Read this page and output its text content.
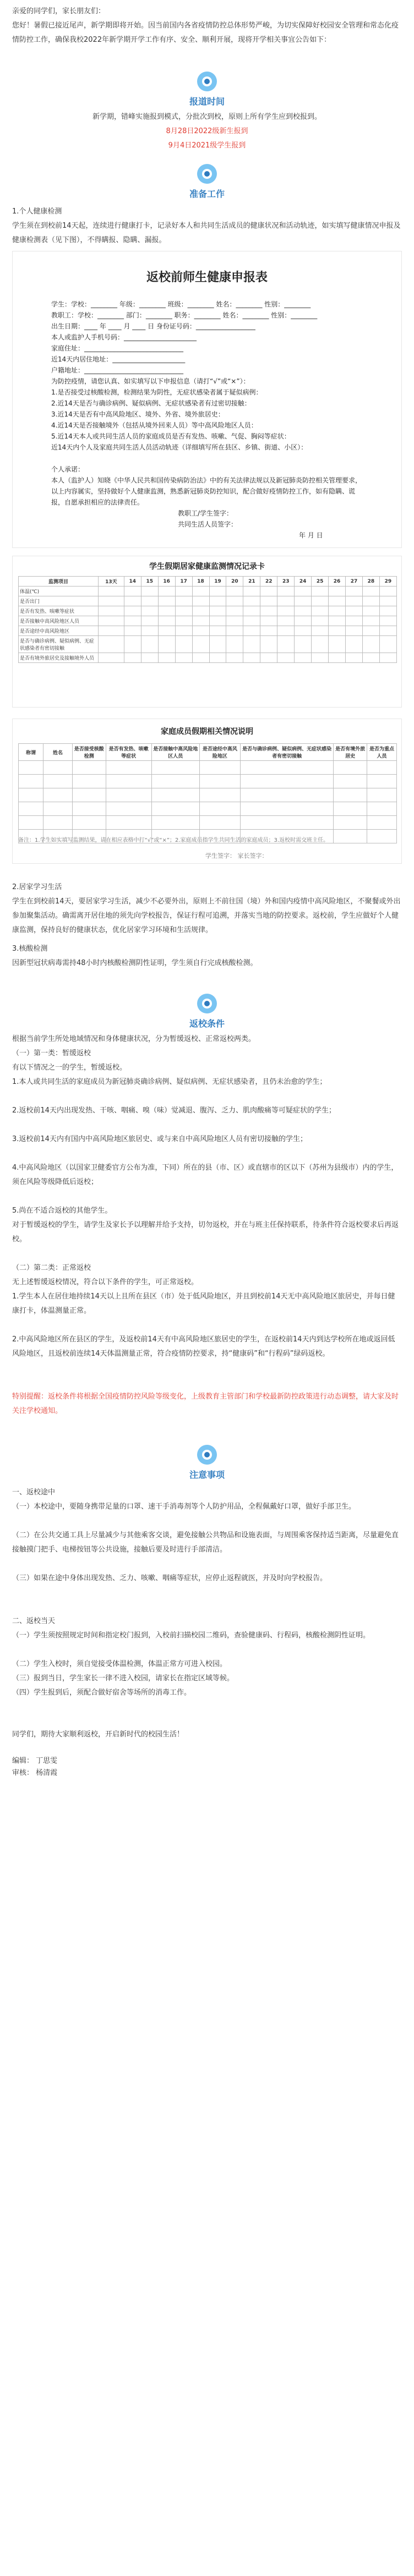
亲爱的同学们，家长朋友们：
您好！暑假已接近尾声，新学期即将开始。因当前国内各省疫情防控总体形势严峻，为切实保障好校园安全管理和常态化疫情防控工作，确保我校2022年新学期开学工作有序、安全、顺利开展，现将开学相关事宜公告如下：
报道时间
新学期，错峰实施报到模式，分批次到校，原则上所有学生应到校报到。
8月28日2022级新生报到
9月4日2021级学生报到
准备工作
1.个人健康检测
学生须在到校前14天起，连续进行健康打卡，记录好本人和共同生活成员的健康状况和活动轨迹，如实填写健康情况申报及健康检测表（见下图），不得瞒报、隐瞒、漏报。
返校前师生健康申报表
学生：学校：________ 年级：________ 班级：________ 姓名：________ 性别：________
教职工：学校：________ 部门：________ 职务：________ 姓名：________ 性别：________
出生日期：____ 年 ____ 月 ____ 日 身份证号码：__________________
本人或监护人手机号码：______________________
家庭住址：______________________________
近14天内居住地址：______________________
户籍地址：______________________________
为防控疫情，请您认真、如实填写以下申报信息（请打“√”或“×”）：
1.是否接受过核酸检测，检测结果为阴性，无症状感染者属于疑似病例：
2.近14天是否与确诊病例、疑似病例、无症状感染者有过密切接触：
3.近14天是否有中高风险地区、境外、外省、境外旅居史：
4.近14天是否接触境外（包括从境外回来人员）等中高风险地区人员：
5.近14天本人或共同生活人员的家庭成员是否有发热、咳嗽、气促、胸闷等症状：
近14天内个人及家庭共同生活人员活动轨迹（详细填写所在县区、乡镇、街道、小区）：
个人承诺：
本人（监护人）知晓《中华人民共和国传染病防治法》中的有关法律法规以及新冠肺炎防控相关管理要求，以上内容属实，坚持做好个人健康监测，熟悉新冠肺炎防控知识，配合做好疫情防控工作，如有隐瞒、谎报，自愿承担相应的法律责任。
教职工/学生签字：
共同生活人员签字：
年 月 日
学生假期居家健康监测情况记录卡
监测项目	13天	14	15	16	17	18	19	20	21	22	23	24	25	26	27	28	29
体温(℃)																	
是否出门																	
是否有发热、咳嗽等症状																	
是否接触中高风险地区人员																	
是否途经中高风险地区																	
是否与确诊病例、疑似病例、无症状感染者有密切接触																	
是否有境外旅居史及接触境外人员																	
家庭成员假期相关情况说明
称谓	姓名	是否接受核酸检测	是否有发热、咳嗽等症状	是否接触中高风险地区人员	是否途经中高风险地区	是否与确诊病例、疑似病例、无症状感染者有密切接触	是否有境外旅居史	是否为重点人员

备注：1.学生如实填写监测结果，请在相应表格中打“√”或“×”；2.家庭成员指学生共同生活的家庭成员；3.返校时需交班主任。
学生签字： 家长签字：
2.居家学习生活
学生在到校前14天，要居家学习生活，减少不必要外出，原则上不前往国（境）外和国内疫情中高风险地区，不聚餐或外出参加聚集活动。确需离开居住地的须先向学校报告，保证行程可追溯，并落实当地的防控要求。返校前，学生应做好个人健康监测，保持良好的健康状态，优化居家学习环境和生活规律。
3.核酸检测
因新型冠状病毒需持48小时内核酸检测阴性证明，学生须自行完成核酸检测。
返校条件
根据当前学生所处地域情况和身体健康状况，分为暂缓返校、正常返校两类。
（一）第一类：暂缓返校
有以下情况之一的学生，暂缓返校。
1.本人或共同生活的家庭成员为新冠肺炎确诊病例、疑似病例、无症状感染者，且仍未治愈的学生；
2.返校前14天内出现发热、干咳、咽痛、嗅（味）觉减退、腹泻、乏力、肌肉酸痛等可疑症状的学生；
3.返校前14天内有国内中高风险地区旅居史、或与来自中高风险地区人员有密切接触的学生；
4.中高风险地区（以国家卫健委官方公布为准，下同）所在的县（市、区）或直辖市的区以下（苏州为县级市）内的学生，须在风险等级降低后返校；
5.尚在不适合返校的其他学生。
对于暂缓返校的学生，请学生及家长予以理解并给予支持，切勿返校，并在与班主任保持联系，待条件符合返校要求后再返校。
（二）第二类：正常返校
无上述暂缓返校情况，符合以下条件的学生，可正常返校。
1.学生本人在居住地持续14天以上且所在县区（市）处于低风险地区，并且到校前14天无中高风险地区旅居史，并每日健康打卡，体温测量正常。
2.中高风险地区所在县区的学生，及返校前14天有中高风险地区旅居史的学生，在返校前14天内到达学校所在地或返回低风险地区，且返校前连续14天体温测量正常，符合疫情防控要求，持“健康码”和“行程码”绿码返校。
特别提醒：返校条件将根据全国疫情防控风险等级变化，上级教育主管部门和学校最新防控政策进行动态调整，请大家及时关注学校通知。
注意事项
一、返校途中
（一）本校途中，要随身携带足量的口罩、速干手消毒剂等个人防护用品，全程佩戴好口罩，做好手部卫生。
（二）在公共交通工具上尽量减少与其他乘客交谈，避免接触公共物品和设施表面，与周围乘客保持适当距离，尽量避免直接触摸门把手、电梯按钮等公共设施，接触后要及时进行手部清洁。
（三）如果在途中身体出现发热、乏力、咳嗽、咽痛等症状，应停止返程就医，并及时向学校报告。
二、返校当天
（一）学生须按照规定时间和指定校门报到，入校前扫描校园二维码，查验健康码、行程码，核酸检测阴性证明。
（二）学生入校时，须自觉接受体温检测，体温正常方可进入校园。
（三）报到当日，学生家长一律不进入校园，请家长在指定区域等候。
（四）学生报到后，须配合做好宿舍等场所的消毒工作。
同学们，期待大家顺利返校，开启新时代的校园生活！
编辑： 丁思雯
审核： 杨清霞
